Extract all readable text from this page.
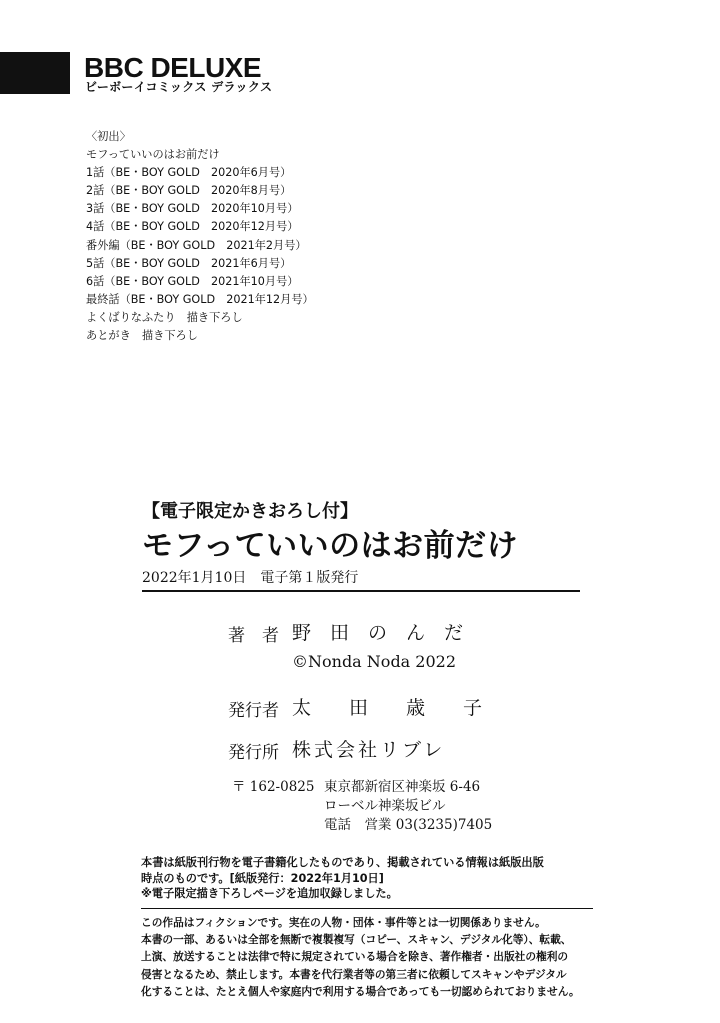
BBC DELUXE
ビーボーイコミックス デラックス
〈初出〉
モフっていいのはお前だけ
1話（BE・BOY GOLD　2020年6月号）
2話（BE・BOY GOLD　2020年8月号）
3話（BE・BOY GOLD　2020年10月号）
4話（BE・BOY GOLD　2020年12月号）
番外編（BE・BOY GOLD　2021年2月号）
5話（BE・BOY GOLD　2021年6月号）
6話（BE・BOY GOLD　2021年10月号）
最終話（BE・BOY GOLD　2021年12月号）
よくばりなふたり　描き下ろし
あとがき　描き下ろし
【電子限定かきおろし付】
モフっていいのはお前だけ
2022年1月10日　電子第１版発行
著　者 野　田　の　ん　だ
©Nonda Noda 2022
発行者 太　　田　　歳　　子
発行所 株式会社リブレ
〒 162-0825 東京都新宿区神楽坂 6-46
ローベル神楽坂ビル
電話　営業 03(3235)7405
本書は紙版刊行物を電子書籍化したものであり、掲載されている情報は紙版出版
時点のものです。[紙版発行：2022年1月10日]
※電子限定描き下ろしページを追加収録しました。
この作品はフィクションです。実在の人物・団体・事件等とは一切関係ありません。
本書の一部、あるいは全部を無断で複製複写（コピー、スキャン、デジタル化等）、転載、
上演、放送することは法律で特に規定されている場合を除き、著作権者・出版社の権利の
侵害となるため、禁止します。本書を代行業者等の第三者に依頼してスキャンやデジタル
化することは、たとえ個人や家庭内で利用する場合であっても一切認められておりません。
